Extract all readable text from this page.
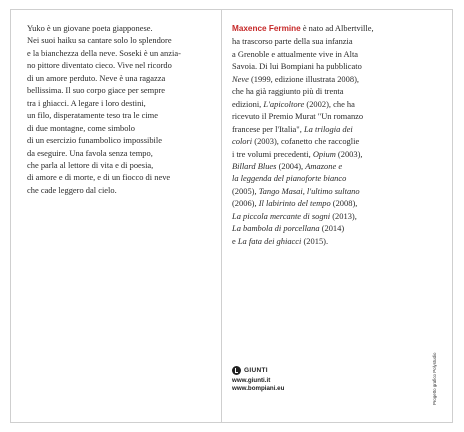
Yuko è un giovane poeta giapponese.
Nei suoi haiku sa cantare solo lo splendore
e la bianchezza della neve. Soseki è un anzia-
no pittore diventato cieco. Vive nel ricordo
di un amore perduto. Neve è una ragazza
bellissima. Il suo corpo giace per sempre
tra i ghiacci. A legare i loro destini,
un filo, disperatamente teso tra le cime
di due montagne, come simbolo
di un esercizio funambolico impossibile
da eseguire. Una favola senza tempo,
che parla al lettore di vita e di poesia,
di amore e di morte, e di un fiocco di neve
che cade leggero dal cielo.
Maxence Fermine è nato ad Albertville,
ha trascorso parte della sua infanzia
a Grenoble e attualmente vive in Alta
Savoia. Di lui Bompiani ha pubblicato
Neve (1999, edizione illustrata 2008),
che ha già raggiunto più di trenta
edizioni, L'apicoltore (2002), che ha
ricevuto il Premio Murat "Un romanzo
francese per l'Italia", La trilogia dei
colori (2003), cofanetto che raccoglie
i tre volumi precedenti, Opium (2003),
Billard Blues (2004), Amazone e
la leggenda del pianoforte bianco
(2005), Tango Masai, l'ultimo sultano
(2006), Il labirinto del tempo (2008),
La piccola mercante di sogni (2013),
La bambola di porcellana (2014)
e La fata dei ghiacci (2015).
GIUNTI
www.giunti.it
www.bompiani.eu	Progetto grafico Polystudio
